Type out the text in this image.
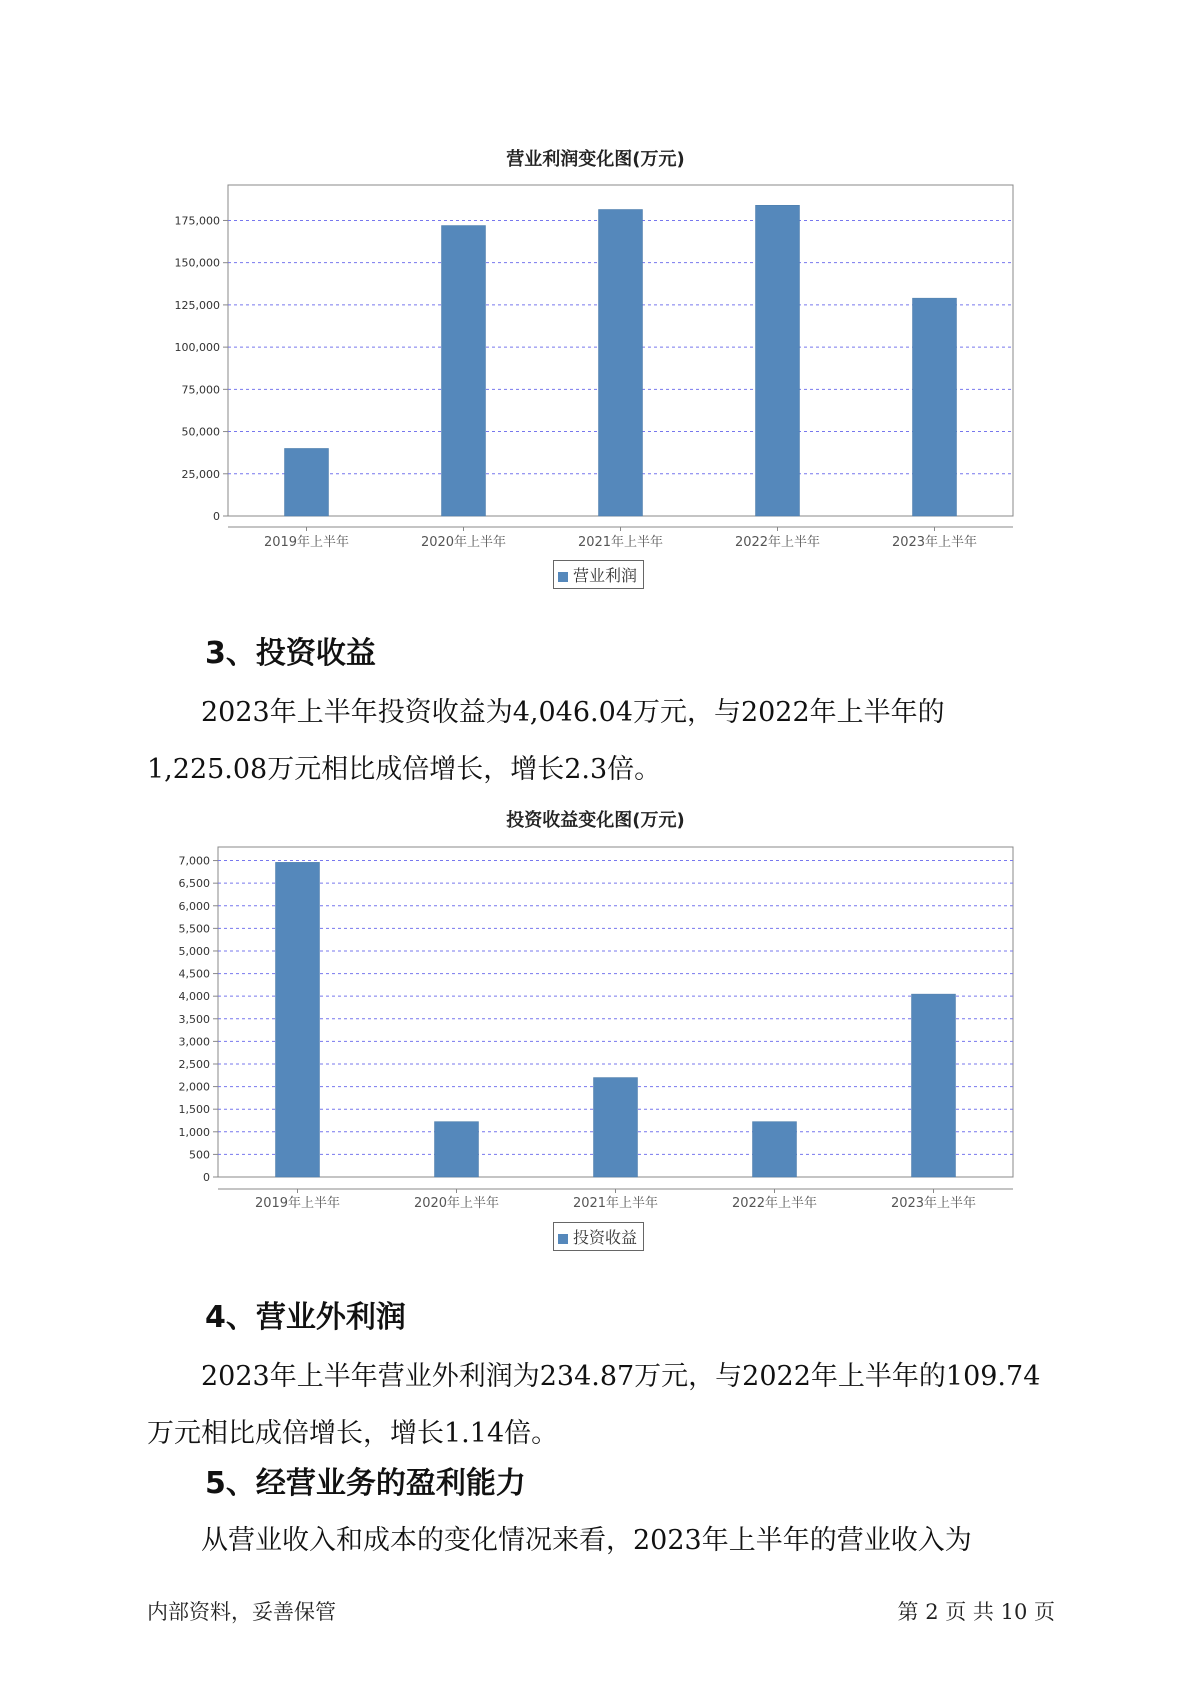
营业利润变化图(万元)
0
25,000
50,000
75,000
100,000
125,000
150,000
175,000
2019年上半年	2020年上半年	2021年上半年	2022年上半年	2023年上半年
营业利润
3、投资收益

2023年上半年投资收益为4,046.04万元，与2022年上半年的1,225.08万元相比成倍增长，增长2.3倍。

投资收益变化图(万元)
0
500
1,000
1,500
2,000
2,500
3,000
3,500
4,000
4,500
5,000
5,500
6,000
6,500
7,000
2019年上半年	2020年上半年	2021年上半年	2022年上半年	2023年上半年
投资收益
4、营业外利润

2023年上半年营业外利润为234.87万元，与2022年上半年的109.74万元相比成倍增长，增长1.14倍。

5、经营业务的盈利能力

从营业收入和成本的变化情况来看，2023年上半年的营业收入为

内部资料，妥善保管	第 2 页 共 10 页
